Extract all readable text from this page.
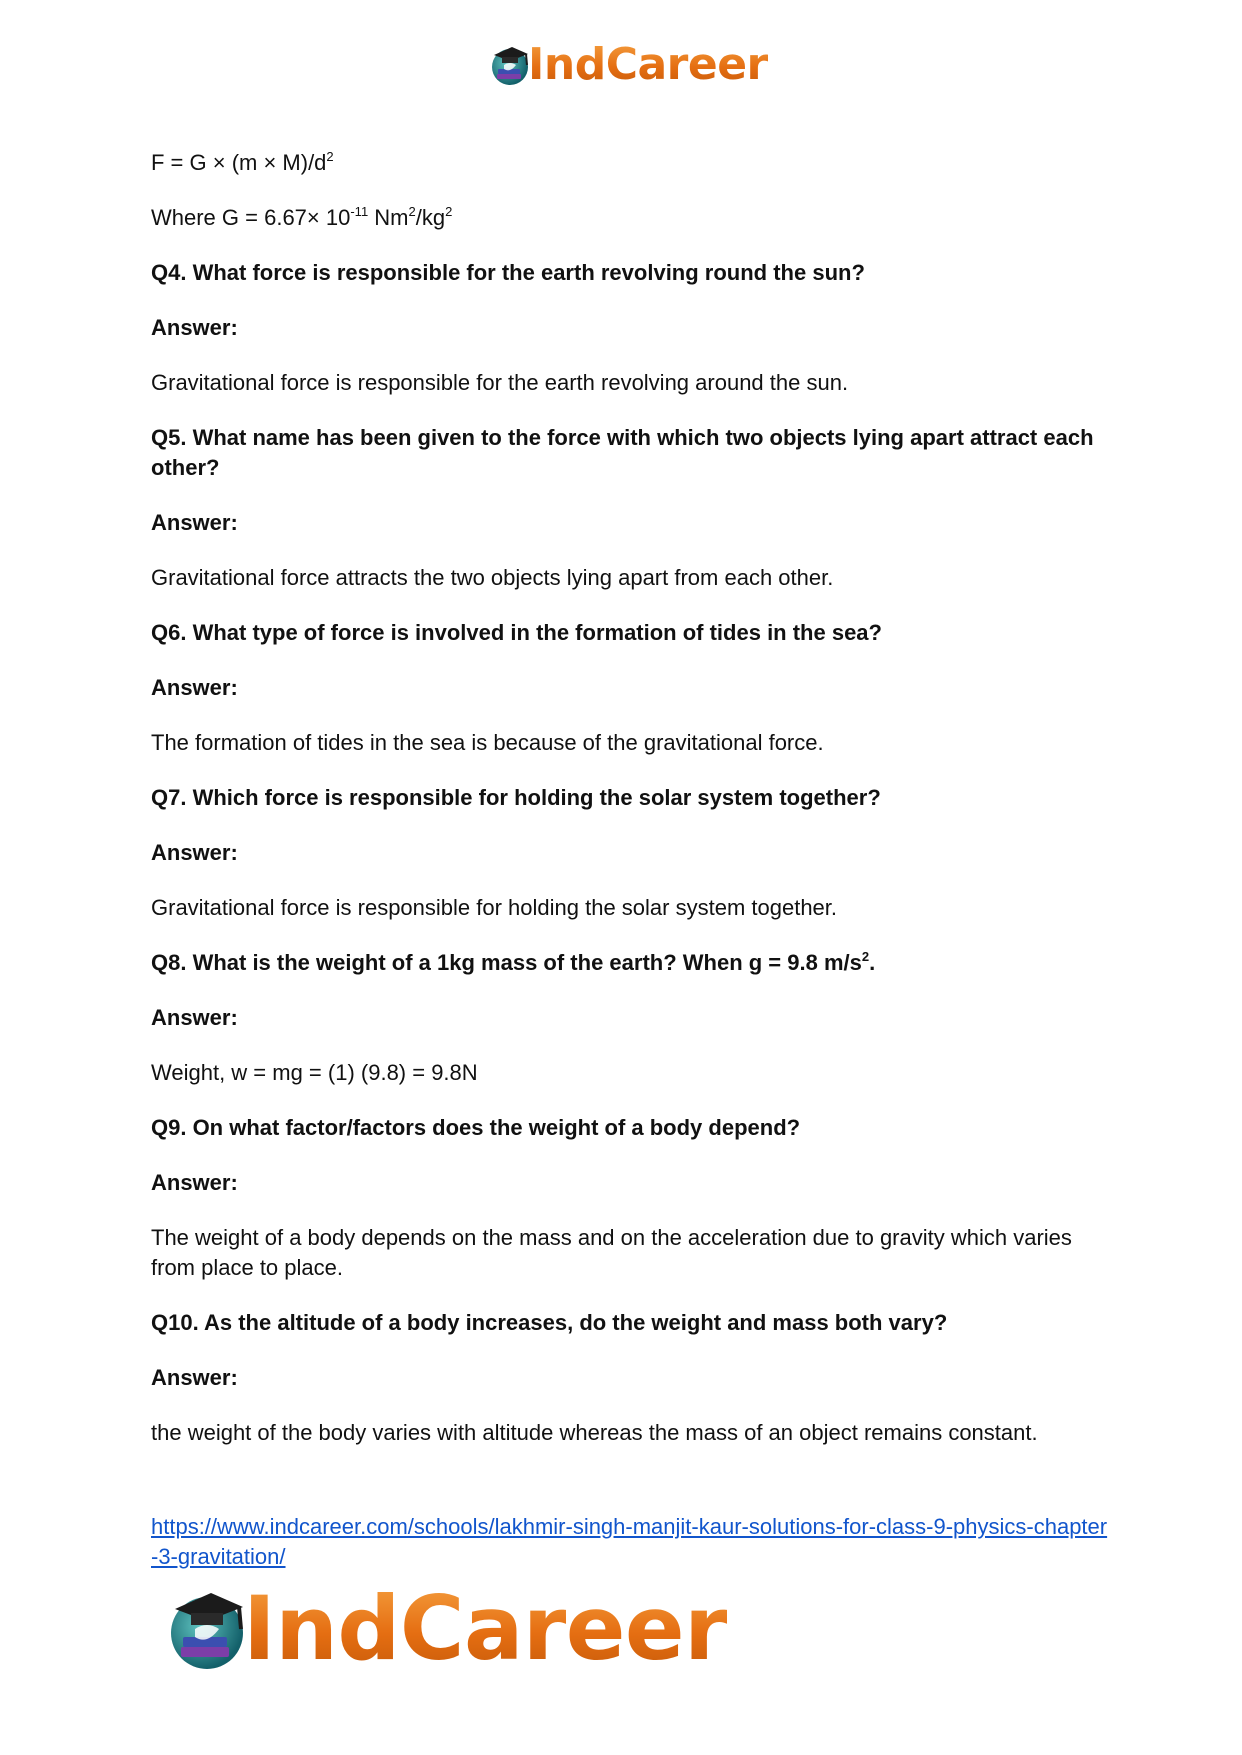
IndCareer

$F = G \times (m \times M)/d^2$

Where $G = 6.67\times 10^{-11}$ $Nm^2/kg^2$

Q4. What force is responsible for the earth revolving round the sun?

Answer:

Gravitational force is responsible for the earth revolving around the sun.

Q5. What name has been given to the force with which two objects lying apart attract each other?

Answer:

Gravitational force attracts the two objects lying apart from each other.

Q6. What type of force is involved in the formation of tides in the sea?

Answer:

The formation of tides in the sea is because of the gravitational force.

Q7. Which force is responsible for holding the solar system together?

Answer:

Gravitational force is responsible for holding the solar system together.

Q8. What is the weight of a 1kg mass of the earth? When g = 9.8 $m/s^2$.

Answer:

Weight, w = mg = (1) (9.8) = 9.8N

Q9. On what factor/factors does the weight of a body depend?

Answer:

The weight of a body depends on the mass and on the acceleration due to gravity which varies from place to place.

Q10. As the altitude of a body increases, do the weight and mass both vary?

Answer:

the weight of the body varies with altitude whereas the mass of an object remains constant.

https://www.indcareer.com/schools/lakhmir-singh-manjit-kaur-solutions-for-class-9-physics-chapter-3-gravitation/
IndCareer
